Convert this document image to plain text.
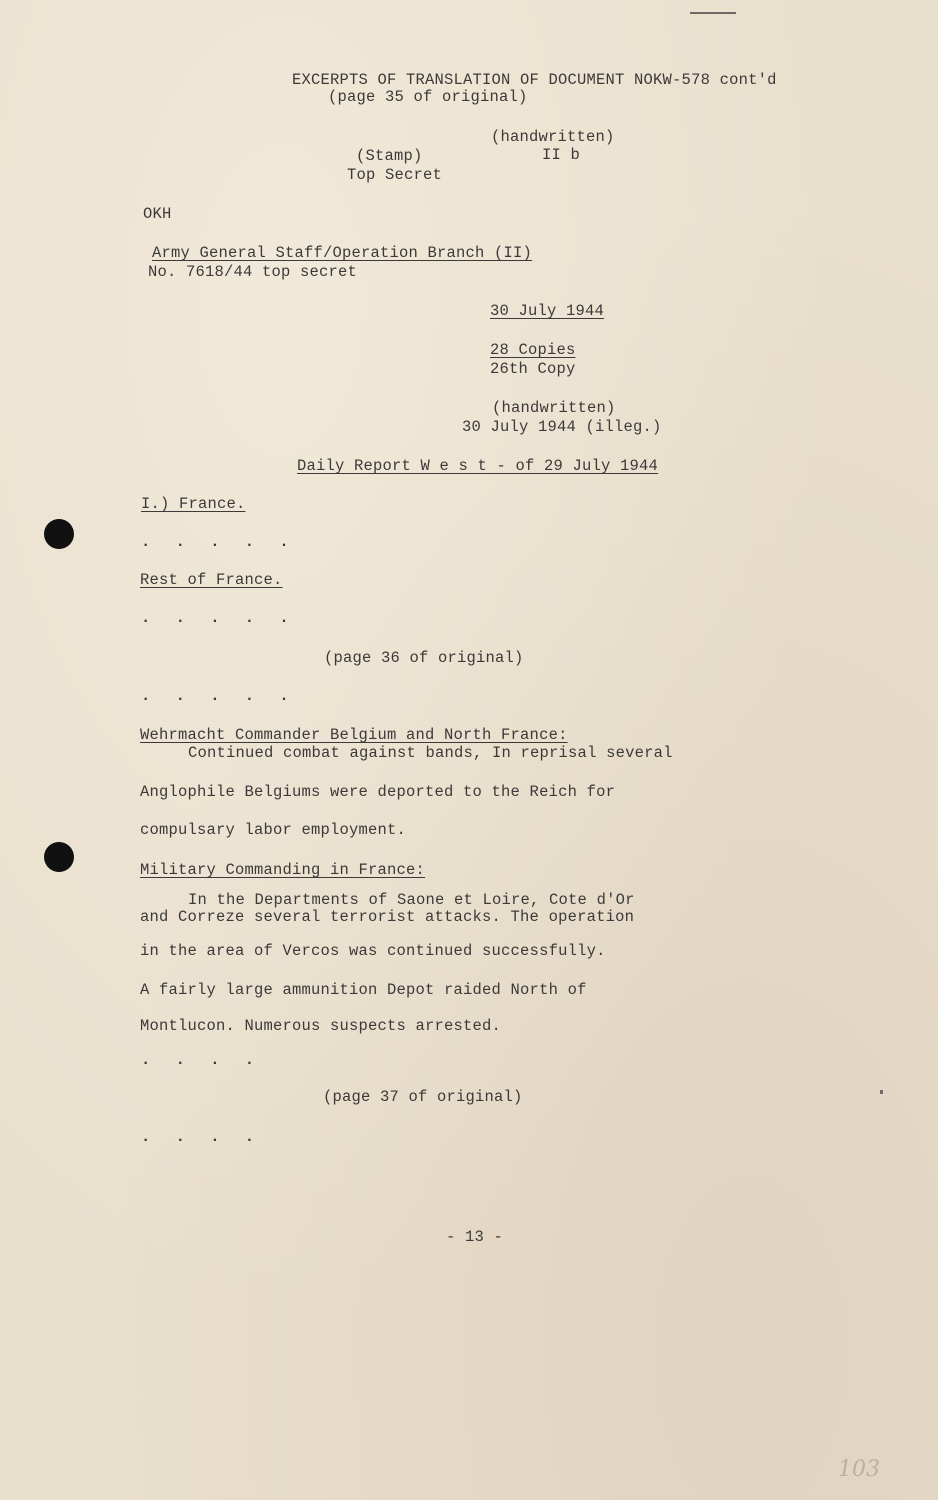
EXCERPTS OF TRANSLATION OF DOCUMENT NOKW-578 cont'd
(page 35 of original)
(handwritten)
II b
(Stamp)
Top Secret
OKH
Army General Staff/Operation Branch (II)
No. 7618/44 top secret
30 July 1944
28 Copies
26th Copy
(handwritten)
30 July 1944 (illeg.)
Daily Report W e s t - of 29 July 1944
I.) France.
. . . . .
Rest of France.
. . . . .
(page 36 of original)
. . . . .
Wehrmacht Commander Belgium and North France:
Continued combat against bands, In reprisal several
Anglophile Belgiums were deported to the Reich for
compulsary labor employment.
Military Commanding in France:
In the Departments of Saone et Loire, Cote d'Or
and Correze several terrorist attacks. The operation
in the area of Vercos was continued successfully.
A fairly large ammunition Depot raided North of
Montlucon. Numerous suspects arrested.
. . . .
(page 37 of original)
. . . .
- 13 -
103
